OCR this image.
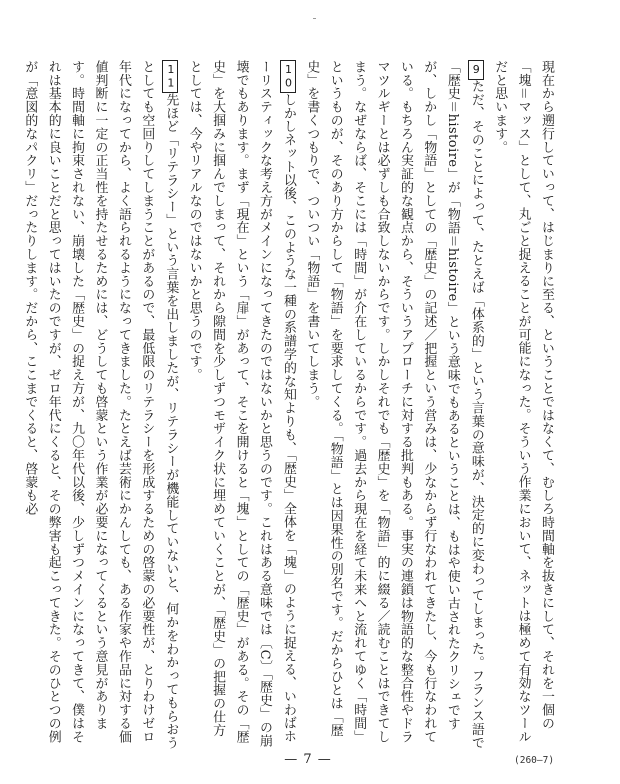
現在から遡行していって、はじまりに至る、ということではなくて、むしろ時間軸を抜きにして、それを一個の「塊＝マッス」として、丸ごと捉えることが可能になった。そういう作業において、ネットは極めて有効なツールだと思います。

9ただ、そのことによって、たとえば「体系的」という言葉の意味が、決定的に変わってしまった。フランス語で「歴史＝histoire」が「物語＝histoire」という意味でもあるということは、もはや使い古されたクリシェですが、しかし「物語」としての「歴史」の記述／把握という営みは、少なからず行なわれてきたし、今も行なわれている。もちろん実証的な観点から、そういうアプローチに対する批判もある。事実の連鎖は物語的な整合性やドラマツルギーとは必ずしも合致しないからです。しかしそれでも「歴史」を「物語」的に綴る／読むことはできてしまう。なぜならば、そこには「時間」が介在しているからです。過去から現在を経て未来へと流れてゆく「時間」というものが、そのあり方からして「物語」を要求してくる。「物語」とは因果性の別名です。だからひとは「歴史」を書くつもりで、ついつい「物語」を書いてしまう。

10しかしネット以後、このような一種の系譜学的な知よりも、「歴史」全体を「塊」のように捉える、いわばホーリスティックな考え方がメインになってきたのではないかと思うのです。これはある意味では〔C〕「歴史」の崩壊でもあります。まず「現在」という「扉」があって、そこを開けると「塊」としての「歴史」がある。その「歴史」を大掴みに掴んでしまって、それから隙間を少しずつモザイク状に埋めていくことが、「歴史」の把握の仕方としては、今やリアルなのではないかと思うのです。

11先ほど「リテラシー」という言葉を出しましたが、リテラシーが機能していないと、何かをわかってもらおうとしても空回りしてしまうことがあるので、最低限のリテラシーを形成するための啓蒙の必要性が、とりわけゼロ年代になってから、よく語られるようになってきました。たとえば芸術にかんしても、ある作家や作品に対する価値判断に一定の正当性を持たせるためには、どうしても啓蒙という作業が必要になってくるという意見があります。時間軸に拘束されない、崩壊した「歴史」の捉え方が、九〇年代以後、少しずつメインになってきて、僕はそれは基本的に良いことだと思ってはいたのですが、ゼロ年代にくると、その弊害も起こってきた。そのひとつの例が「意図的なパクリ」だったりします。だから、ここまでくると、啓蒙も必

— 7 —	(260—7)
